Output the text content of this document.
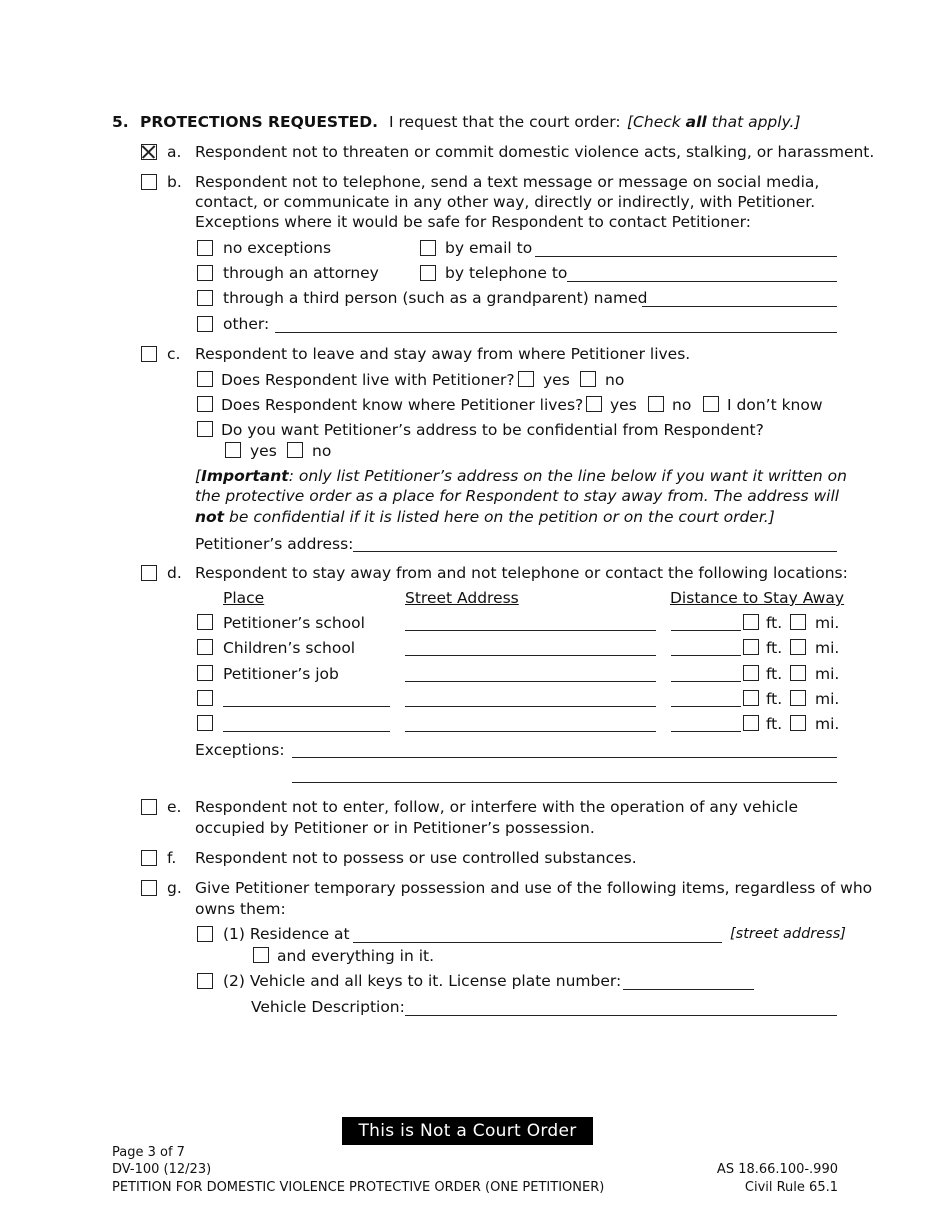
5. PROTECTIONS REQUESTED. I request that the court order: [Check all that apply.]
a. Respondent not to threaten or commit domestic violence acts, stalking, or harassment.
b. Respondent not to telephone, send a text message or message on social media,
contact, or communicate in any other way, directly or indirectly, with Petitioner.
Exceptions where it would be safe for Respondent to contact Petitioner:
no exceptions	by email to
through an attorney	by telephone to
through a third person (such as a grandparent) named
other:
c. Respondent to leave and stay away from where Petitioner lives.
Does Respondent live with Petitioner? yes no
Does Respondent know where Petitioner lives? yes no I don’t know
Do you want Petitioner’s address to be confidential from Respondent?
yes no
[Important: only list Petitioner’s address on the line below if you want it written on
the protective order as a place for Respondent to stay away from. The address will
not be confidential if it is listed here on the petition or on the court order.]
Petitioner’s address:
d. Respondent to stay away from and not telephone or contact the following locations:
Place	Street Address	Distance to Stay Away
Petitioner’s school	ft. mi.
Children’s school	ft. mi.
Petitioner’s job	ft. mi.
ft. mi.
ft. mi.
Exceptions:
e. Respondent not to enter, follow, or interfere with the operation of any vehicle
occupied by Petitioner or in Petitioner’s possession.
f. Respondent not to possess or use controlled substances.
g. Give Petitioner temporary possession and use of the following items, regardless of who
owns them:
(1) Residence at	[street address]
and everything in it.
(2) Vehicle and all keys to it. License plate number:
Vehicle Description:
This is Not a Court Order
Page 3 of 7
DV-100 (12/23)
PETITION FOR DOMESTIC VIOLENCE PROTECTIVE ORDER (ONE PETITIONER)
AS 18.66.100-.990
Civil Rule 65.1
